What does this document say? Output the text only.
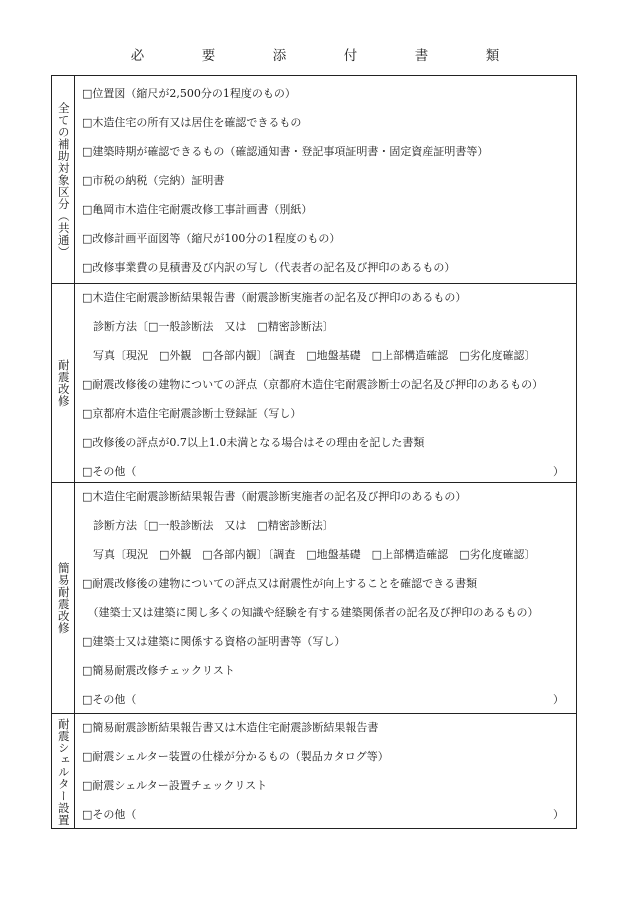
必　要　添　付　書　類
全ての補助対象区分（共通）
□位置図（縮尺が2,500分の1程度のもの）
□木造住宅の所有又は居住を確認できるもの
□建築時期が確認できるもの（確認通知書・登記事項証明書・固定資産証明書等）
□市税の納税（完納）証明書
□亀岡市木造住宅耐震改修工事計画書（別紙）
□改修計画平面図等（縮尺が100分の1程度のもの）
□改修事業費の見積書及び内訳の写し（代表者の記名及び押印のあるもの）
耐震改修
□木造住宅耐震診断結果報告書（耐震診断実施者の記名及び押印のあるもの）
　診断方法〔□一般診断法　又は　□精密診断法〕
　写真〔現況　□外観　□各部内観〕〔調査　□地盤基礎　□上部構造確認　□劣化度確認〕
□耐震改修後の建物についての評点（京都府木造住宅耐震診断士の記名及び押印のあるもの）
□京都府木造住宅耐震診断士登録証（写し）
□改修後の評点が0.7以上1.0未満となる場合はその理由を記した書類
□その他（	）
簡易耐震改修
□木造住宅耐震診断結果報告書（耐震診断実施者の記名及び押印のあるもの）
　診断方法〔□一般診断法　又は　□精密診断法〕
　写真〔現況　□外観　□各部内観〕〔調査　□地盤基礎　□上部構造確認　□劣化度確認〕
□耐震改修後の建物についての評点又は耐震性が向上することを確認できる書類
　（建築士又は建築に関し多くの知識や経験を有する建築関係者の記名及び押印のあるもの）
□建築士又は建築に関係する資格の証明書等（写し）
□簡易耐震改修チェックリスト
□その他（	）
耐震シェルター設置 □簡易耐震診断結果報告書又は木造住宅耐震診断結果報告書
□耐震シェルター装置の仕様が分かるもの（製品カタログ等）
□耐震シェルター設置チェックリスト
□その他（	）
